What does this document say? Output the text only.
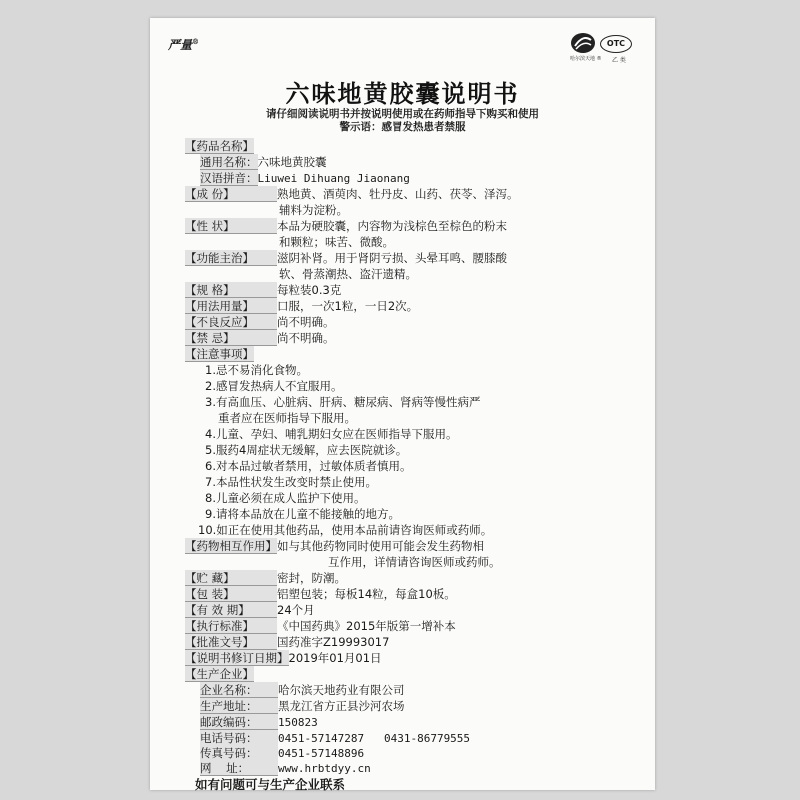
严量®	OTC
哈尔滨天地 ® 乙 类
六味地黄胶囊说明书
请仔细阅读说明书并按说明使用或在药师指导下购买和使用
警示语：感冒发热患者禁服
【药品名称】
通用名称：六味地黄胶囊
汉语拼音：Liuwei Dihuang Jiaonang
【成 份】	熟地黄、酒萸肉、牡丹皮、山药、茯苓、泽泻。
辅料为淀粉。
【性 状】	本品为硬胶囊，内容物为浅棕色至棕色的粉末
和颗粒；味苦、微酸。
【功能主治】 滋阴补肾。用于肾阴亏损、头晕耳鸣、腰膝酸
软、骨蒸潮热、盗汗遗精。
【规 格】	每粒装0.3克
【用法用量】 口服，一次1粒，一日2次。
【不良反应】 尚不明确。
【禁 忌】	尚不明确。
【注意事项】
1.忌不易消化食物。
2.感冒发热病人不宜服用。
3.有高血压、心脏病、肝病、糖尿病、肾病等慢性病严
重者应在医师指导下服用。
4.儿童、孕妇、哺乳期妇女应在医师指导下服用。
5.服药4周症状无缓解，应去医院就诊。
6.对本品过敏者禁用，过敏体质者慎用。
7.本品性状发生改变时禁止使用。
8.儿童必须在成人监护下使用。
9.请将本品放在儿童不能接触的地方。
10.如正在使用其他药品，使用本品前请咨询医师或药师。
【药物相互作用】如与其他药物同时使用可能会发生药物相
互作用，详情请咨询医师或药师。
【贮 藏】	密封，防潮。
【包 装】	铝塑包装；每板14粒，每盒10板。
【有 效 期】 24个月
【执行标准】 《中国药典》2015年版第一增补本
【批准文号】 国药准字Z19993017
【说明书修订日期】2019年01月01日
【生产企业】
企业名称： 哈尔滨天地药业有限公司
生产地址： 黑龙江省方正县沙河农场
邮政编码： 150823
电话号码： 0451-57147287   0431-86779555
传真号码： 0451-57148896
网    址：	www.hrbtdyy.cn
如有问题可与生产企业联系
